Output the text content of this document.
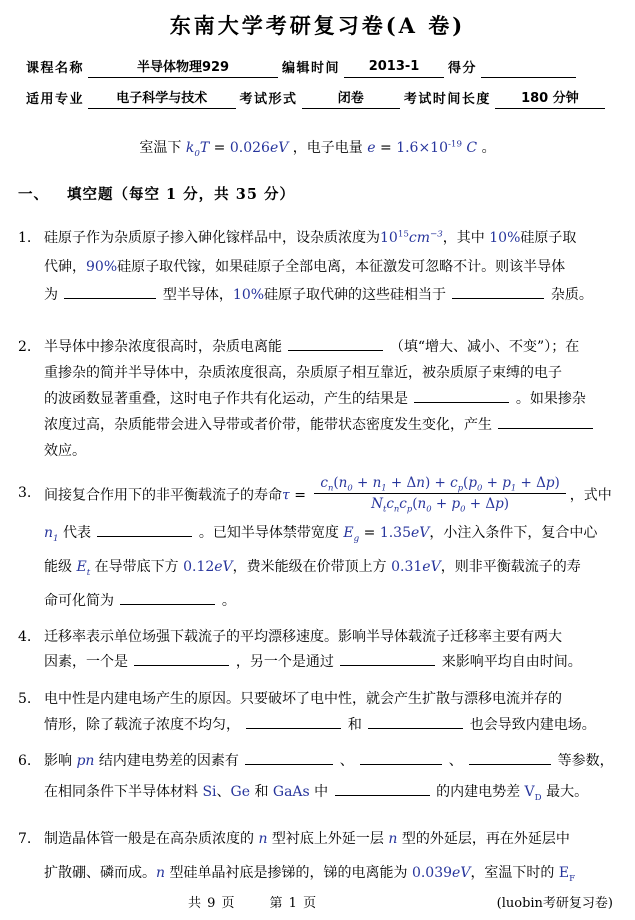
东南大学考研复习卷(A 卷)
课程名称	半导体物理929	编辑时间	2013-1	得分
适用专业	电子科学与技术	考试形式	闭卷	考试时间长度	180 分钟
室温下 $k_0T = 0.026eV$ ，电子电量 $e = 1.6\times 10^{-19}$ C 。
一、 填空题（每空 1 分，共 35 分）
1. 硅原子作为杂质原子掺入砷化镓样品中，设杂质浓度为$10^{15}cm^{-3}$，其中 10%硅原子取
代砷，90%硅原子取代镓，如果硅原子全部电离，本征激发可忽略不计。则该半导体
为	型半导体，10%硅原子取代砷的这些硅相当于	杂质。
2. 半导体中掺杂浓度很高时，杂质电离能	（填“增大、减小、不变”）；在
重掺杂的简并半导体中，杂质浓度很高，杂质原子相互靠近，被杂质原子束缚的电子
的波函数显著重叠，这时电子作共有化运动，产生的结果是	。如果掺杂
浓度过高，杂质能带会进入导带或者价带，能带状态密度发生变化，产生
效应。
3. 间接复合作用下的非平衡载流子的寿命$\tau = \frac{c_n(n_0 + n_1 + \Delta n) + c_p(p_0 + p_1 + \Delta p)}{N_tc_nc_p(n_0 + p_0 + \Delta p)}$ ，式中
$n_1$ 代表	。已知半导体禁带宽度 $E_g = 1.35eV$，小注入条件下，复合中心
能级 $E_t$ 在导带底下方 0.12eV，费米能级在价带顶上方 0.31eV，则非平衡载流子的寿
命可化简为	。
4. 迁移率表示单位场强下载流子的平均漂移速度。影响半导体载流子迁移率主要有两大
因素，一个是	，另一个是通过	来影响平均自由时间。
5. 电中性是内建电场产生的原因。只要破坏了电中性，就会产生扩散与漂移电流并存的
情形，除了载流子浓度不均匀，	和	也会导致内建电场。
6. 影响 pn 结内建电势差的因素有	、	、	等参数，
在相同条件下半导体材料 Si、Ge 和 GaAs 中	的内建电势差 $V_D$ 最大。
7. 制造晶体管一般是在高杂质浓度的 n 型衬底上外延一层 n 型的外延层，再在外延层中
扩散硼、磷而成。n 型硅单晶衬底是掺锑的，锑的电离能为 0.039eV，室温下时的 $E_F$
共 9 页	第 1 页	(luobin考研复习卷)
